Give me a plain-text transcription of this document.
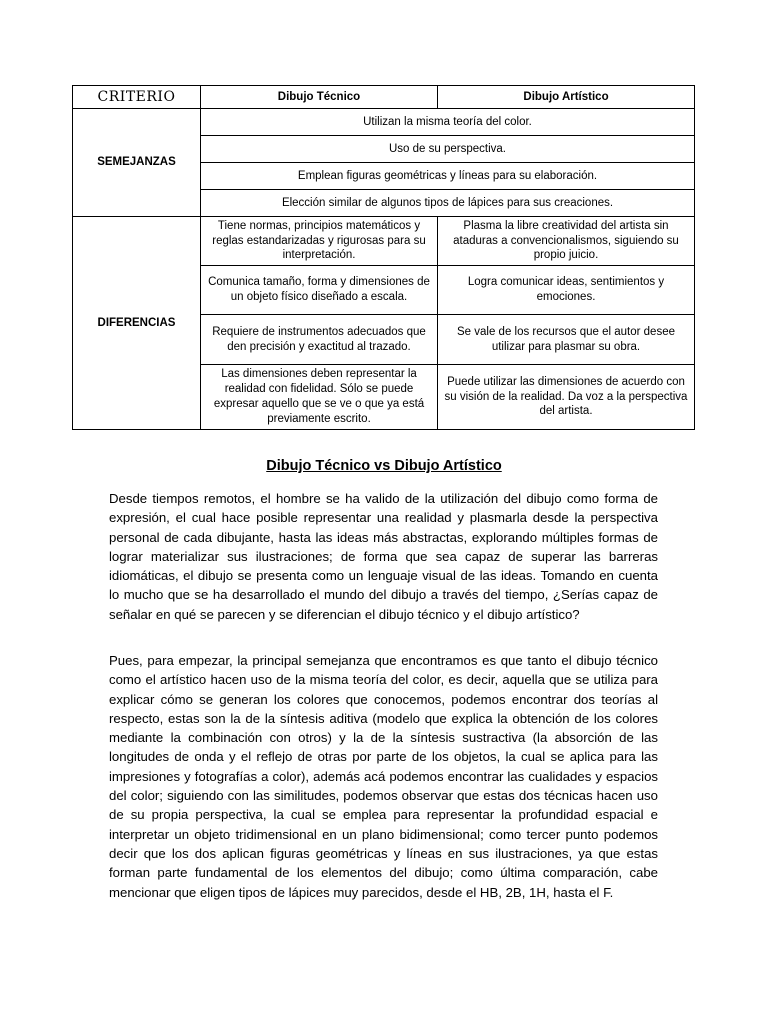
CRITERIO	Dibujo Técnico	Dibujo Artístico
SEMEJANZAS	Utilizan la misma teoría del color.	
	Uso de su perspectiva.	
	Emplean figuras geométricas y líneas para su elaboración.	
	Elección similar de algunos tipos de lápices para sus creaciones.	
DIFERENCIAS	Tiene normas, principios matemáticos y reglas estandarizadas y rigurosas para su interpretación.	Plasma la libre creatividad del artista sin ataduras a convencionalismos, siguiendo su propio juicio.
	Comunica tamaño, forma y dimensiones de un objeto físico diseñado a escala.	Logra comunicar ideas, sentimientos y emociones.
	Requiere de instrumentos adecuados que den precisión y exactitud al trazado.	Se vale de los recursos que el autor desee utilizar para plasmar su obra.
	Las dimensiones deben representar la realidad con fidelidad. Sólo se puede expresar aquello que se ve o que ya está previamente escrito.	Puede utilizar las dimensiones de acuerdo con su visión de la realidad. Da voz a la perspectiva del artista.
Dibujo Técnico vs Dibujo Artístico

Desde tiempos remotos, el hombre se ha valido de la utilización del dibujo como forma de expresión, el cual hace posible representar una realidad y plasmarla desde la perspectiva personal de cada dibujante, hasta las ideas más abstractas, explorando múltiples formas de lograr materializar sus ilustraciones; de forma que sea capaz de superar las barreras idiomáticas, el dibujo se presenta como un lenguaje visual de las ideas. Tomando en cuenta lo mucho que se ha desarrollado el mundo del dibujo a través del tiempo, ¿Serías capaz de señalar en qué se parecen y se diferencian el dibujo técnico y el dibujo artístico?

Pues, para empezar, la principal semejanza que encontramos es que tanto el dibujo técnico como el artístico hacen uso de la misma teoría del color, es decir, aquella que se utiliza para explicar cómo se generan los colores que conocemos, podemos encontrar dos teorías al respecto, estas son la de la síntesis aditiva (modelo que explica la obtención de los colores mediante la combinación con otros) y la de la síntesis sustractiva (la absorción de las longitudes de onda y el reflejo de otras por parte de los objetos, la cual se aplica para las impresiones y fotografías a color), además acá podemos encontrar las cualidades y espacios del color; siguiendo con las similitudes, podemos observar que estas dos técnicas hacen uso de su propia perspectiva, la cual se emplea para representar la profundidad espacial e interpretar un objeto tridimensional en un plano bidimensional; como tercer punto podemos decir que los dos aplican figuras geométricas y líneas en sus ilustraciones, ya que estas forman parte fundamental de los elementos del dibujo; como última comparación, cabe mencionar que eligen tipos de lápices muy parecidos, desde el HB, 2B, 1H, hasta el F.
